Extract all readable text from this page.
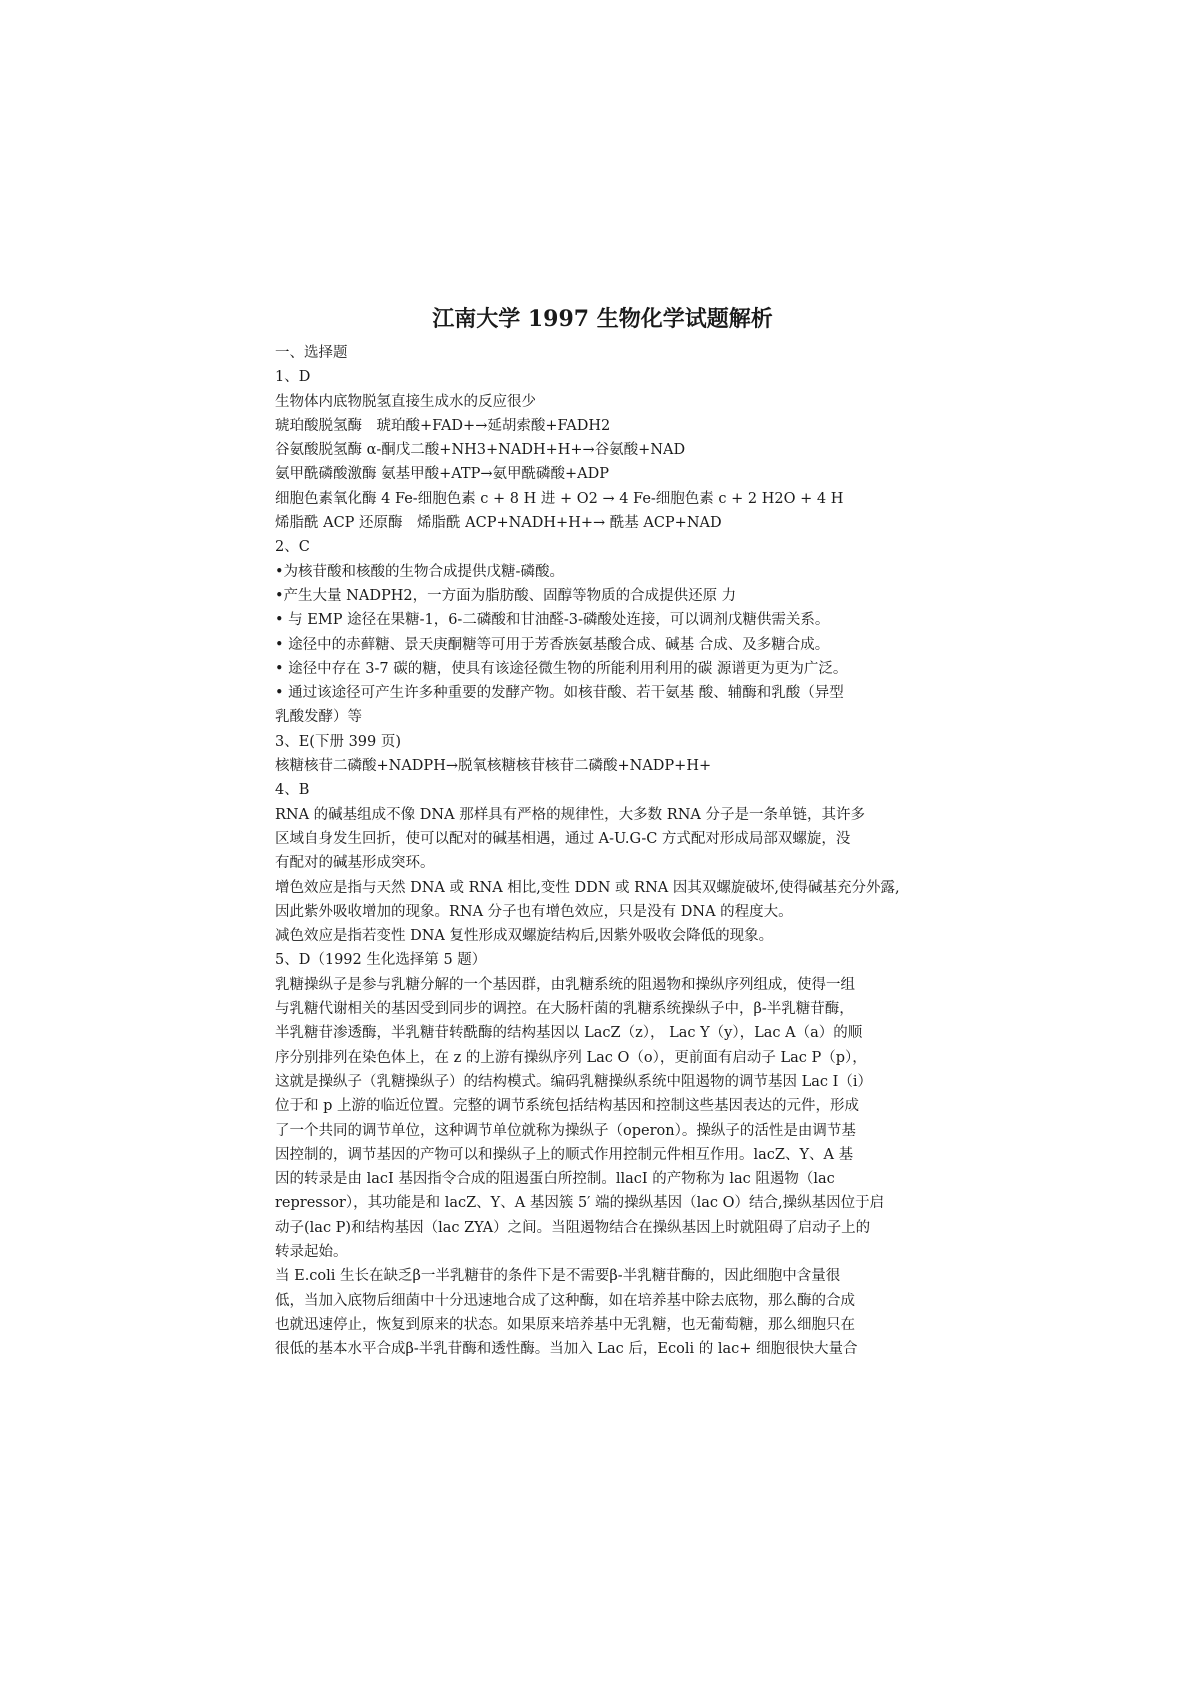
江南大学 1997 生物化学试题解析
一、选择题
1、D
生物体内底物脱氢直接生成水的反应很少
琥珀酸脱氢酶　琥珀酸+FAD+→延胡索酸+FADH2
谷氨酸脱氢酶 α-酮戊二酸+NH3+NADH+H+→谷氨酸+NAD
氨甲酰磷酸激酶 氨基甲酸+ATP→氨甲酰磷酸+ADP
细胞色素氧化酶 4 Fe-细胞色素 c + 8 H 进 + O2 → 4 Fe-细胞色素 c + 2 H2O + 4 H
烯脂酰 ACP 还原酶　烯脂酰 ACP+NADH+H+→ 酰基 ACP+NAD
2、C
•为核苷酸和核酸的生物合成提供戊糖-磷酸。
•产生大量 NADPH2，一方面为脂肪酸、固醇等物质的合成提供还原 力
• 与 EMP 途径在果糖-1，6-二磷酸和甘油醛-3-磷酸处连接，可以调剂戊糖供需关系。
• 途径中的赤藓糖、景天庚酮糖等可用于芳香族氨基酸合成、碱基 合成、及多糖合成。
• 途径中存在 3-7 碳的糖，使具有该途径微生物的所能利用利用的碳 源谱更为更为广泛。
• 通过该途径可产生许多种重要的发酵产物。如核苷酸、若干氨基 酸、辅酶和乳酸（异型
乳酸发酵）等
3、E(下册 399 页)
核糖核苷二磷酸+NADPH→脱氧核糖核苷核苷二磷酸+NADP+H+
4、B
RNA 的碱基组成不像 DNA 那样具有严格的规律性，大多数 RNA 分子是一条单链，其许多
区域自身发生回折，使可以配对的碱基相遇，通过 A-U.G-C 方式配对形成局部双螺旋，没
有配对的碱基形成突环。
增色效应是指与天然 DNA 或 RNA 相比,变性 DDN 或 RNA 因其双螺旋破坏,使得碱基充分外露,
因此紫外吸收增加的现象。RNA 分子也有增色效应，只是没有 DNA 的程度大。
减色效应是指若变性 DNA 复性形成双螺旋结构后,因紫外吸收会降低的现象。
5、D（1992 生化选择第 5 题）
乳糖操纵子是参与乳糖分解的一个基因群，由乳糖系统的阻遏物和操纵序列组成，使得一组
与乳糖代谢相关的基因受到同步的调控。在大肠杆菌的乳糖系统操纵子中，β-半乳糖苷酶，
半乳糖苷渗透酶，半乳糖苷转酰酶的结构基因以 LacZ（z）， Lac Y（y），Lac A（a）的顺
序分别排列在染色体上，在 z 的上游有操纵序列 Lac O（o），更前面有启动子 Lac P（p），
这就是操纵子（乳糖操纵子）的结构模式。编码乳糖操纵系统中阻遏物的调节基因 Lac I（i）
位于和 p 上游的临近位置。完整的调节系统包括结构基因和控制这些基因表达的元件，形成
了一个共同的调节单位，这种调节单位就称为操纵子（operon）。操纵子的活性是由调节基
因控制的，调节基因的产物可以和操纵子上的顺式作用控制元件相互作用。lacZ、Y、A 基
因的转录是由 lacI 基因指令合成的阻遏蛋白所控制。llacI 的产物称为 lac 阻遏物（lac
repressor），其功能是和 lacZ、Y、A 基因簇 5′ 端的操纵基因（lac O）结合,操纵基因位于启
动子(lac P)和结构基因（lac ZYA）之间。当阻遏物结合在操纵基因上时就阻碍了启动子上的
转录起始。
当 E.coli 生长在缺乏β一半乳糖苷的条件下是不需要β-半乳糖苷酶的，因此细胞中含量很
低，当加入底物后细菌中十分迅速地合成了这种酶，如在培养基中除去底物，那么酶的合成
也就迅速停止，恢复到原来的状态。如果原来培养基中无乳糖，也无葡萄糖，那么细胞只在
很低的基本水平合成β-半乳苷酶和透性酶。当加入 Lac 后，Ecoli 的 lac+ 细胞很快大量合
